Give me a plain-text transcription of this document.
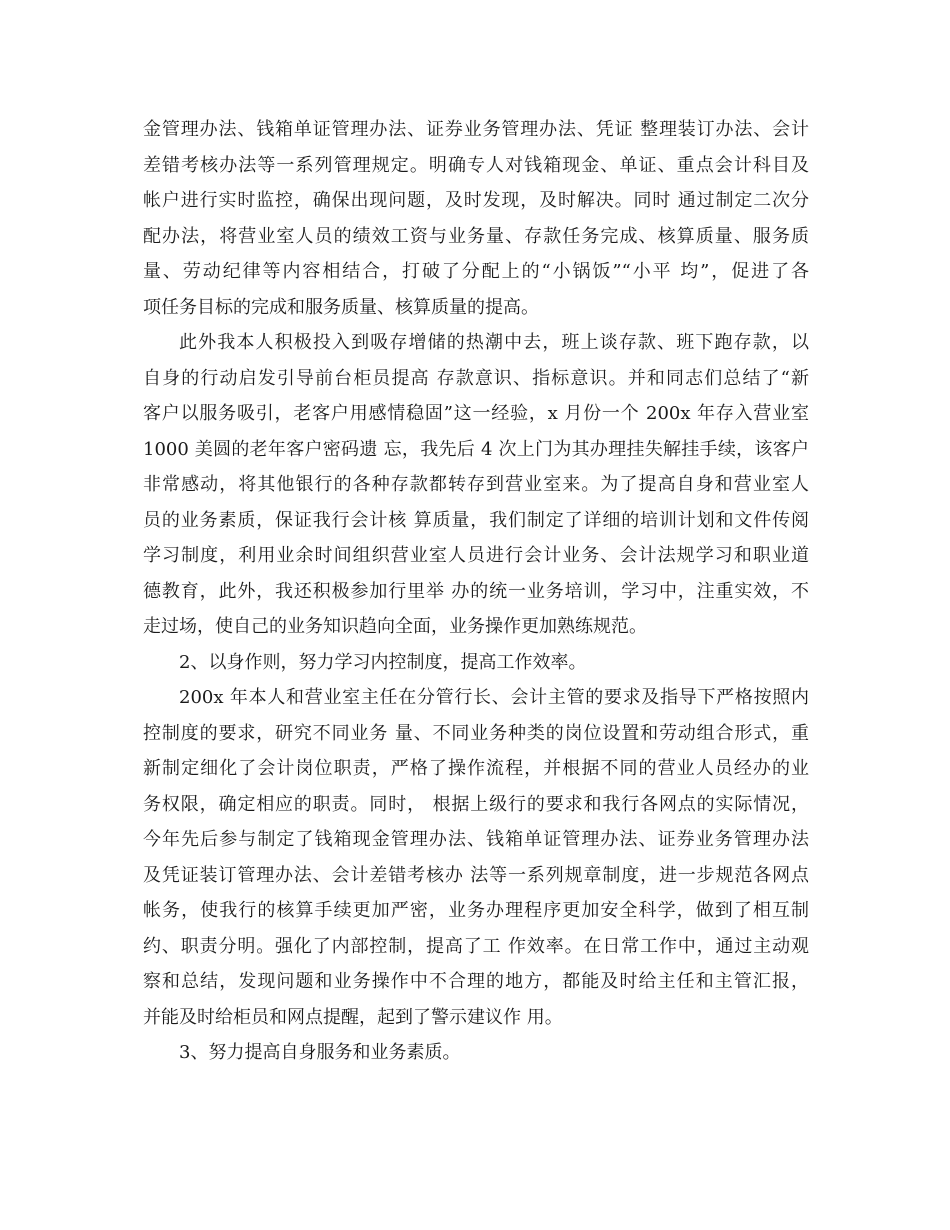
金管理办法、钱箱单证管理办法、证券业务管理办法、凭证 整理装订办法、会计
差错考核办法等一系列管理规定。明确专人对钱箱现金、单证、重点会计科目及
帐户进行实时监控，确保出现问题，及时发现，及时解决。同时 通过制定二次分
配办法，将营业室人员的绩效工资与业务量、存款任务完成、核算质量、服务质
量、劳动纪律等内容相结合，打破了分配上的“小锅饭”“小平 均”，促进了各
项任务目标的完成和服务质量、核算质量的提高。
此外我本人积极投入到吸存增储的热潮中去，班上谈存款、班下跑存款，以
自身的行动启发引导前台柜员提高 存款意识、指标意识。并和同志们总结了“新
客户以服务吸引，老客户用感情稳固”这一经验，x 月份一个 200x 年存入营业室
1000 美圆的老年客户密码遗 忘，我先后 4 次上门为其办理挂失解挂手续，该客户
非常感动，将其他银行的各种存款都转存到营业室来。为了提高自身和营业室人
员的业务素质，保证我行会计核 算质量，我们制定了详细的培训计划和文件传阅
学习制度，利用业余时间组织营业室人员进行会计业务、会计法规学习和职业道
德教育，此外，我还积极参加行里举 办的统一业务培训，学习中，注重实效，不
走过场，使自己的业务知识趋向全面，业务操作更加熟练规范。
2、以身作则，努力学习内控制度，提高工作效率。
200x 年本人和营业室主任在分管行长、会计主管的要求及指导下严格按照内
控制度的要求，研究不同业务 量、不同业务种类的岗位设置和劳动组合形式，重
新制定细化了会计岗位职责，严格了操作流程，并根据不同的营业人员经办的业
务权限，确定相应的职责。同时， 根据上级行的要求和我行各网点的实际情况，
今年先后参与制定了钱箱现金管理办法、钱箱单证管理办法、证券业务管理办法
及凭证装订管理办法、会计差错考核办 法等一系列规章制度，进一步规范各网点
帐务，使我行的核算手续更加严密，业务办理程序更加安全科学，做到了相互制
约、职责分明。强化了内部控制，提高了工 作效率。在日常工作中，通过主动观
察和总结，发现问题和业务操作中不合理的地方，都能及时给主任和主管汇报，
并能及时给柜员和网点提醒，起到了警示建议作 用。
3、努力提高自身服务和业务素质。
